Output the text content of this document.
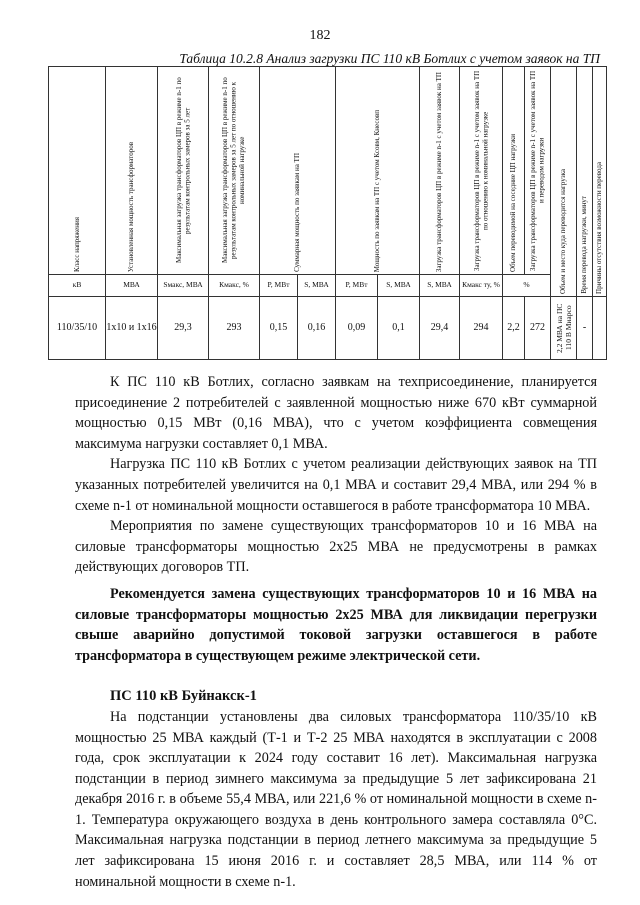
182
Таблица 10.2.8 Анализ загрузки ПС 110 кВ Ботлих с учетом заявок на ТП
Класс напряжения	Установленная мощность трансформаторов	Максимальная загрузка трансформаторов ЦП в режиме n-1 по результатам контрольных замеров за 5 лет	Максимальная загрузка трансформаторов ЦП в режиме n-1 по результатам контрольных замеров за 5 лет по отношению к номинальной нагрузке	Суммарная мощность по заявкам на ТП		Мощность по заявкам на ТП с учетом Ксовм, Кнесовп		Загрузка трансформаторов ЦП в режиме n-1 с учетом заявок на ТП	Загрузка трансформаторов ЦП в режиме n-1 с учетом заявок на ТП по отношению к номинальной нагрузке	Объем переводимой на соседние ЦП нагрузки	Загрузка трансформаторов ЦП в режиме n-1 с учетом заявок на ТП и переводом нагрузки	Объем и место куда переводится нагрузка	Время перевода нагрузки, минут	Причины отсутствия возможности перевода

кВ	МВА	Sмакс, МВА	Кмакс, %	P, МВт	S, МВА	P, МВт	S, МВА	S, МВА	Кмакс ту, %	%				
110/35/10	1x10 и 1x16	29,3	293	0,15	0,16	0,09	0,1	29,4	294	2,2	272	2,2 МВА на ПС 110 В Миарсо	-	

К ПС 110 кВ Ботлих, согласно заявкам на техприсоединение, планируется присоединение 2 потребителей с заявленной мощностью ниже 670 кВт суммарной мощностью 0,15 МВт (0,16 МВА), что с учетом коэффициента совмещения максимума нагрузки составляет 0,1 МВА.

Нагрузка ПС 110 кВ Ботлих с учетом реализации действующих заявок на ТП указанных потребителей увеличится на 0,1 МВА и составит 29,4 МВА, или 294 % в схеме n-1 от номинальной мощности оставшегося в работе трансформатора 10 МВА.

Мероприятия по замене существующих трансформаторов 10 и 16 МВА на силовые трансформаторы мощностью 2х25 МВА не предусмотрены в рамках действующих договоров ТП.

Рекомендуется замена существующих трансформаторов 10 и 16 МВА на силовые трансформаторы мощностью 2х25 МВА для ликвидации перегрузки свыше аварийно допустимой токовой загрузки оставшегося в работе трансформатора в существующем режиме электрической сети.

ПС 110 кВ Буйнакск-1

На подстанции установлены два силовых трансформатора 110/35/10 кВ мощностью 25 МВА каждый (Т-1 и Т-2 25 МВА находятся в эксплуатации с 2008 года, срок эксплуатации к 2024 году составит 16 лет). Максимальная нагрузка подстанции в период зимнего максимума за предыдущие 5 лет зафиксирована 21 декабря 2016 г. в объеме 55,4 МВА, или 221,6 % от номинальной мощности в схеме n-1. Температура окружающего воздуха в день контрольного замера составляла 0°С. Максимальная нагрузка подстанции в период летнего максимума за предыдущие 5 лет зафиксирована 15 июня 2016 г. и составляет 28,5 МВА, или 114 % от номинальной мощности в схеме n-1.
